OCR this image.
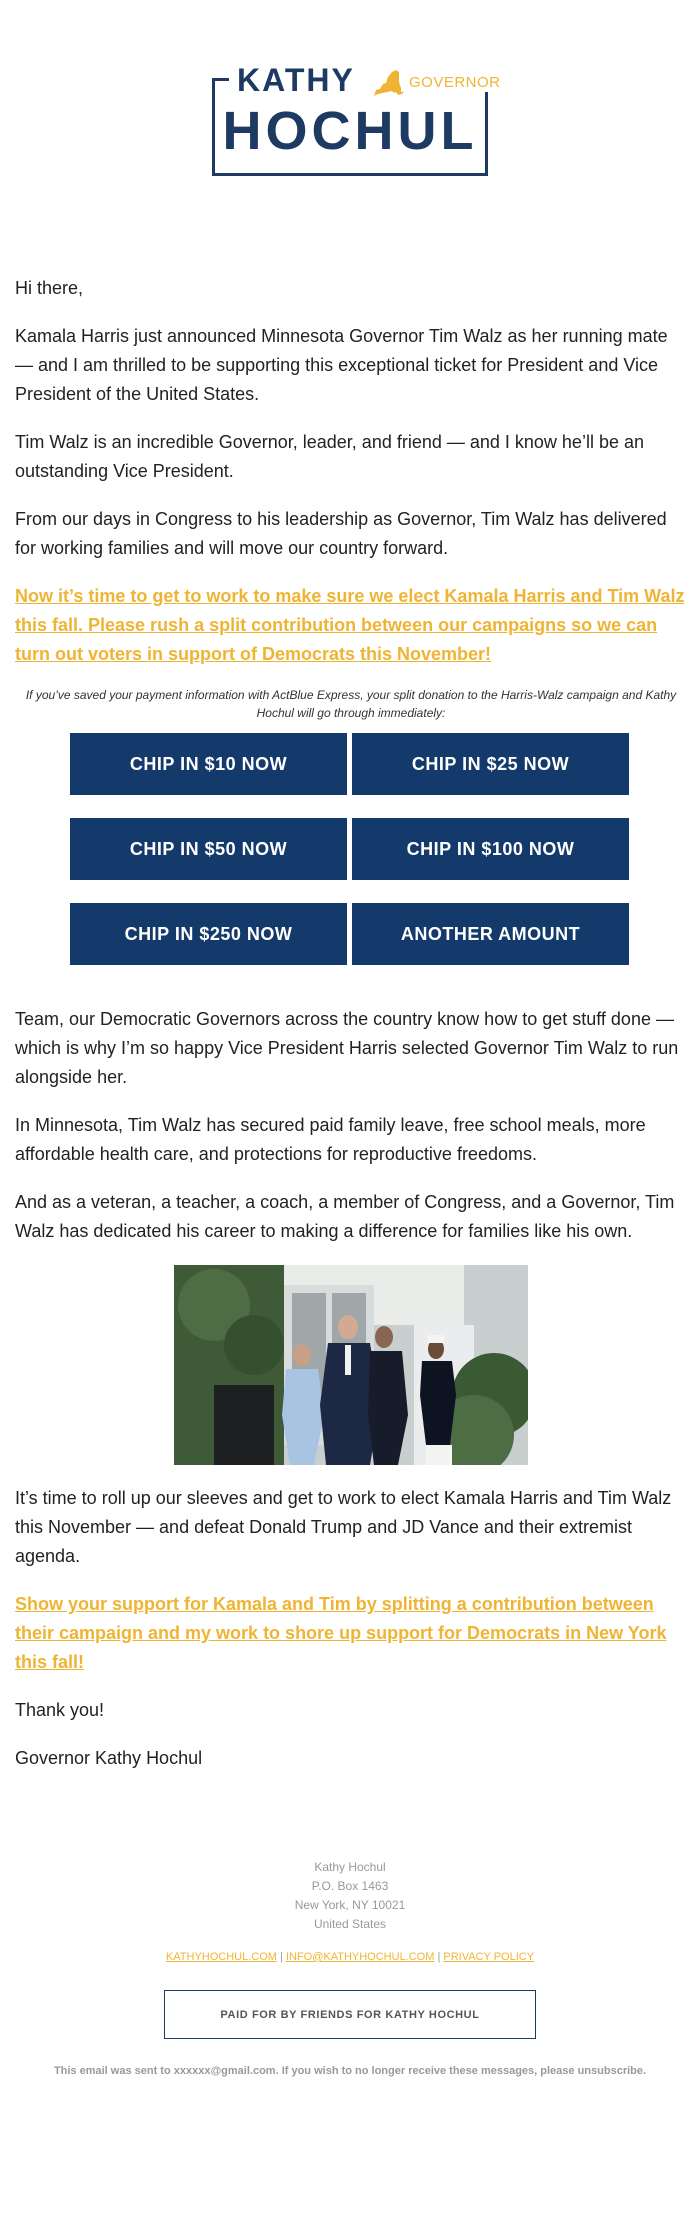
KATHY	GOVERNOR
HOCHUL

Hi there,

Kamala Harris just announced Minnesota Governor Tim Walz as her running mate — and I am thrilled to be supporting this exceptional ticket for President and Vice President of the United States.

Tim Walz is an incredible Governor, leader, and friend — and I know he’ll be an outstanding Vice President.

From our days in Congress to his leadership as Governor, Tim Walz has delivered for working families and will move our country forward.

Now it’s time to get to work to make sure we elect Kamala Harris and Tim Walz this fall. Please rush a split contribution between our campaigns so we can turn out voters in support of Democrats this November!

If you’ve saved your payment information with ActBlue Express, your split donation to the Harris-Walz campaign and Kathy Hochul will go through immediately:

CHIP IN $10 NOW	CHIP IN $25 NOW
CHIP IN $50 NOW	CHIP IN $100 NOW
CHIP IN $250 NOW	ANOTHER AMOUNT

Team, our Democratic Governors across the country know how to get stuff done — which is why I’m so happy Vice President Harris selected Governor Tim Walz to run alongside her.

In Minnesota, Tim Walz has secured paid family leave, free school meals, more affordable health care, and protections for reproductive freedoms.

And as a veteran, a teacher, a coach, a member of Congress, and a Governor, Tim Walz has dedicated his career to making a difference for families like his own.

It’s time to roll up our sleeves and get to work to elect Kamala Harris and Tim Walz this November — and defeat Donald Trump and JD Vance and their extremist agenda.

Show your support for Kamala and Tim by splitting a contribution between their campaign and my work to shore up support for Democrats in New York this fall!

Thank you!

Governor Kathy Hochul

Kathy Hochul
P.O. Box 1463
New York, NY 10021
United States
KATHYHOCHUL.COM | INFO@KATHYHOCHUL.COM | PRIVACY POLICY
PAID FOR BY FRIENDS FOR KATHY HOCHUL
This email was sent to xxxxxx@gmail.com. If you wish to no longer receive these messages, please unsubscribe.
